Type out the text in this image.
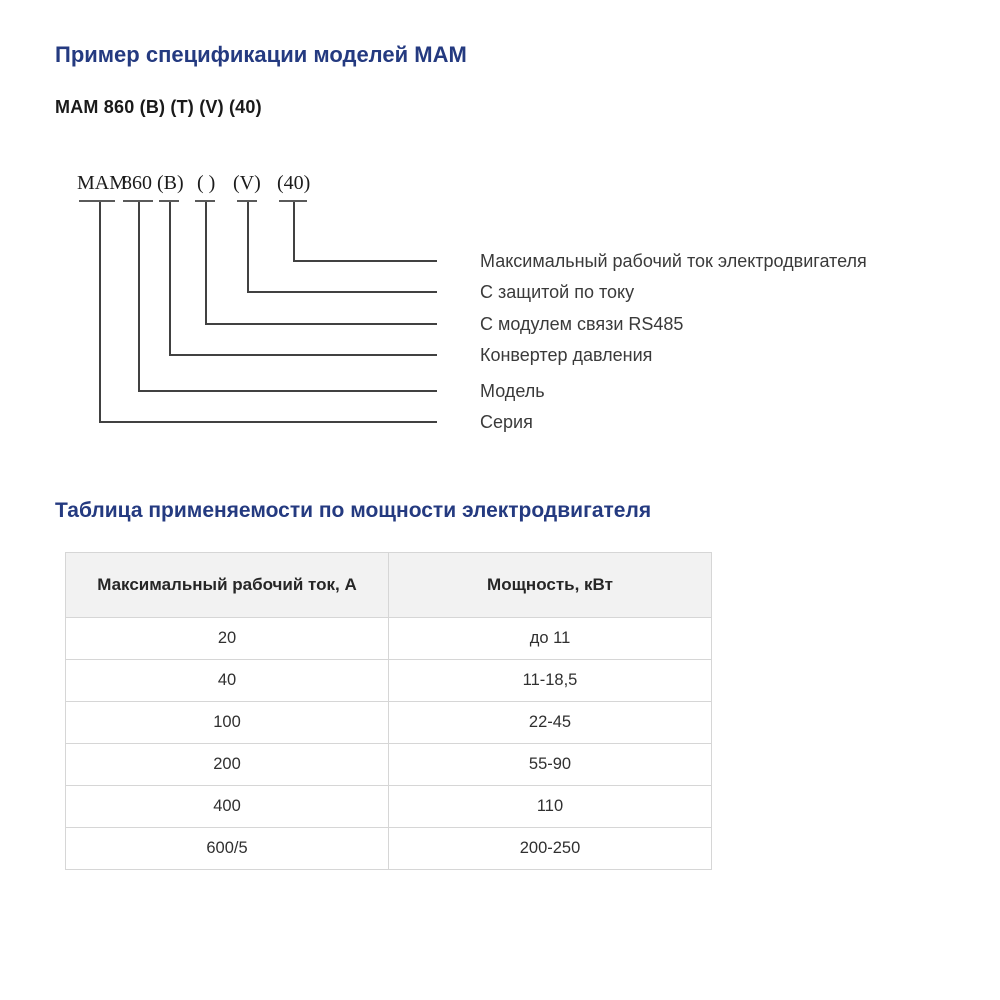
Пример спецификации моделей MAM
MAM 860 (B) (T) (V) (40)
MAM
860 (B) ( ) (V) (40)
Максимальный рабочий ток электродвигателя
С защитой по току
С модулем связи RS485
Конвертер давления
Модель
Серия
Таблица применяемости по мощности электродвигателя
Максимальный рабочий ток, А	Мощность, кВт
20	до 11
40	11-18,5
100	22-45
200	55-90
400	110
600/5	200-250
